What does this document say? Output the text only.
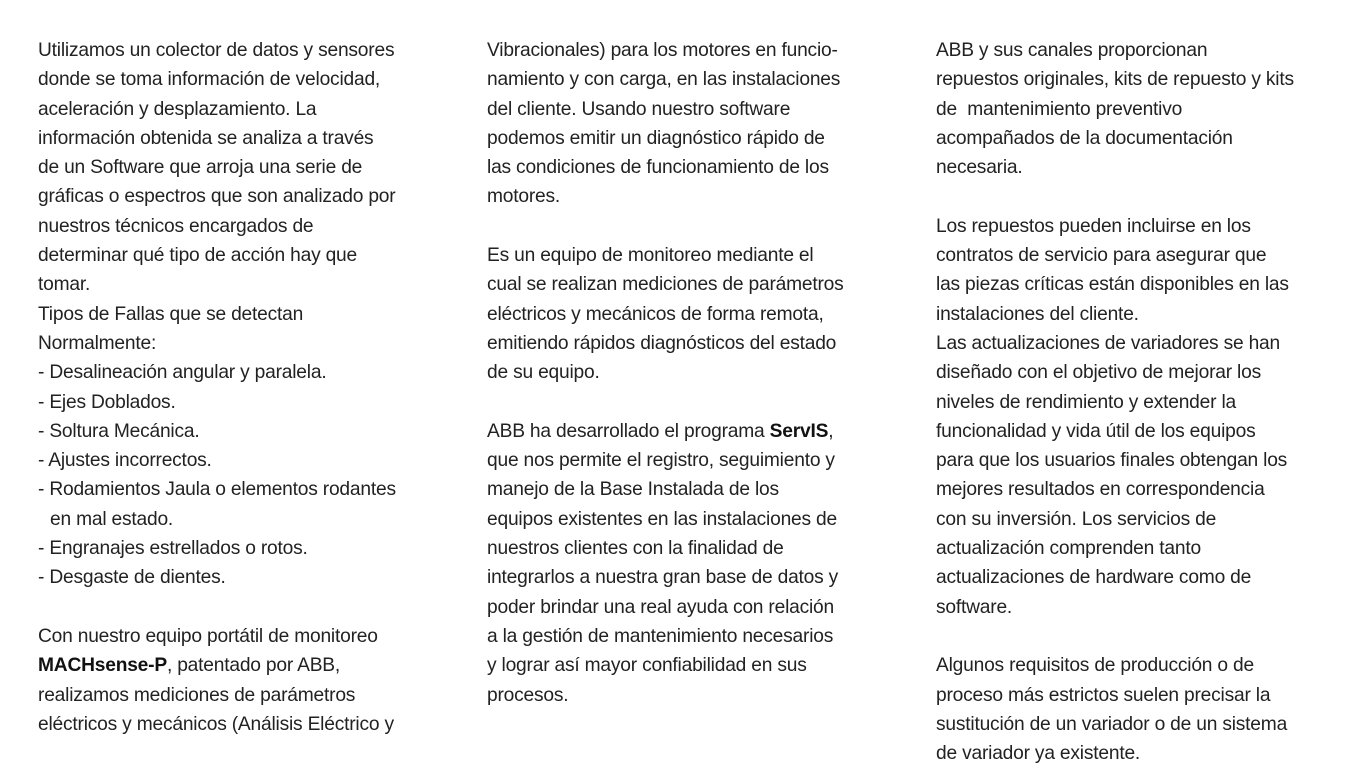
Utilizamos un colector de datos y sensores
donde se toma información de velocidad,
aceleración y desplazamiento. La
información obtenida se analiza a través
de un Software que arroja una serie de
gráficas o espectros que son analizado por
nuestros técnicos encargados de
determinar qué tipo de acción hay que
tomar.
Tipos de Fallas que se detectan
Normalmente:
- Desalineación angular y paralela.
- Ejes Doblados.
- Soltura Mecánica.
- Ajustes incorrectos.
- Rodamientos Jaula o elementos rodantes
en mal estado.
- Engranajes estrellados o rotos.
- Desgaste de dientes.
Con nuestro equipo portátil de monitoreo
MACHsense-P, patentado por ABB,
realizamos mediciones de parámetros
eléctricos y mecánicos (Análisis Eléctrico y
Vibracionales) para los motores en funcio-
namiento y con carga, en las instalaciones
del cliente. Usando nuestro software
podemos emitir un diagnóstico rápido de
las condiciones de funcionamiento de los
motores.
Es un equipo de monitoreo mediante el
cual se realizan mediciones de parámetros
eléctricos y mecánicos de forma remota,
emitiendo rápidos diagnósticos del estado
de su equipo.
ABB ha desarrollado el programa ServIS,
que nos permite el registro, seguimiento y
manejo de la Base Instalada de los
equipos existentes en las instalaciones de
nuestros clientes con la finalidad de
integrarlos a nuestra gran base de datos y
poder brindar una real ayuda con relación
a la gestión de mantenimiento necesarios
y lograr así mayor confiabilidad en sus
procesos.
ABB y sus canales proporcionan
repuestos originales, kits de repuesto y kits
de  mantenimiento preventivo
acompañados de la documentación
necesaria.
Los repuestos pueden incluirse en los
contratos de servicio para asegurar que
las piezas críticas están disponibles en las
instalaciones del cliente.
Las actualizaciones de variadores se han
diseñado con el objetivo de mejorar los
niveles de rendimiento y extender la
funcionalidad y vida útil de los equipos
para que los usuarios finales obtengan los
mejores resultados en correspondencia
con su inversión. Los servicios de
actualización comprenden tanto
actualizaciones de hardware como de
software.
Algunos requisitos de producción o de
proceso más estrictos suelen precisar la
sustitución de un variador o de un sistema
de variador ya existente.
